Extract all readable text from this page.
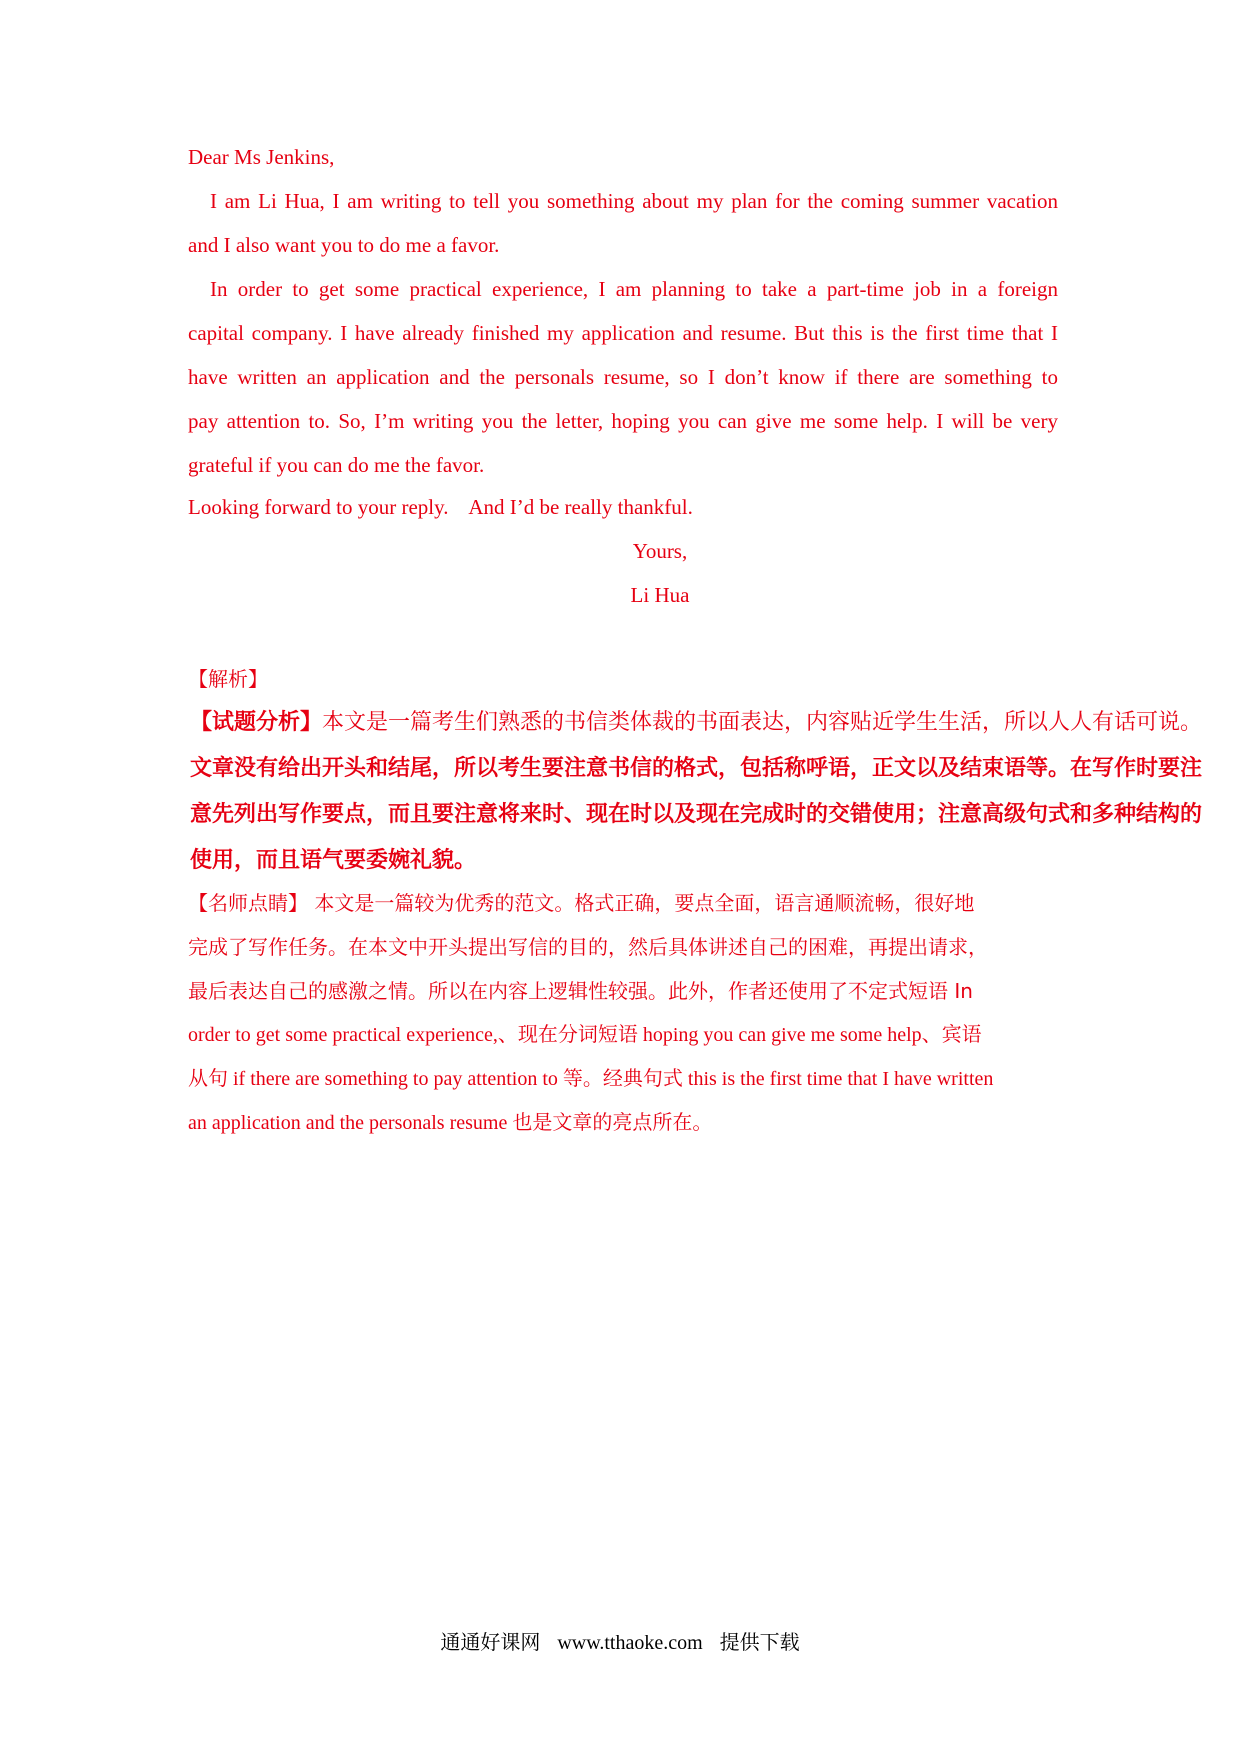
Dear Ms Jenkins,
I am Li Hua, I am writing to tell you something about my plan for the coming summer vacation
and I also want you to do me a favor.
In order to get some practical experience, I am planning to take a part-time job in a foreign
capital company. I have already finished my application and resume. But this is the first time that I
have written an application and the personals resume, so I don’t know if there are something to
pay attention to. So, I’m writing you the letter, hoping you can give me some help. I will be very
grateful if you can do me the favor.
Looking forward to your reply.    And I’d be really thankful.
Yours,
Li Hua
【解析】
【试题分析】本文是一篇考生们熟悉的书信类体裁的书面表达，内容贴近学生生活，所以人人有话可说。
文章没有给出开头和结尾，所以考生要注意书信的格式，包括称呼语，正文以及结束语等。在写作时要注
意先列出写作要点，而且要注意将来时、现在时以及现在完成时的交错使用；注意高级句式和多种结构的
使用，而且语气要委婉礼貌。
【名师点睛】 本文是一篇较为优秀的范文。格式正确，要点全面，语言通顺流畅，很好地
完成了写作任务。在本文中开头提出写信的目的，然后具体讲述自己的困难，再提出请求，
最后表达自己的感激之情。所以在内容上逻辑性较强。此外，作者还使用了不定式短语 In
order to get some practical experience,、现在分词短语 hoping you can give me some help、宾语
从句 if there are something to pay attention to 等。经典句式 this is the first time that I have written
an application and the personals resume 也是文章的亮点所在。
通通好课网 www.tthaoke.com 提供下载
